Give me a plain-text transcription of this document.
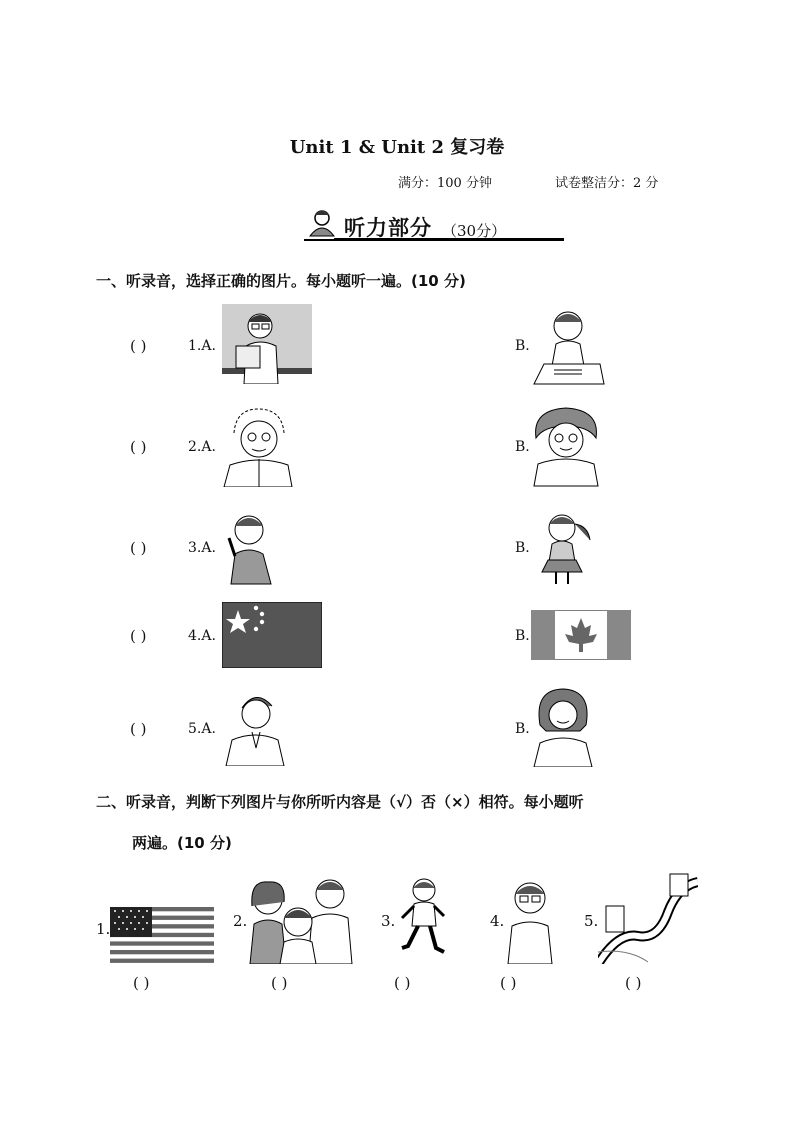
Unit 1 & Unit 2 复习卷
满分：100 分钟	试卷整洁分：2 分
听力部分 （30分）
一、听录音，选择正确的图片。每小题听一遍。(10 分)
( )	1.A.	B.
( )	2.A.	B.
( )	3.A.	B.
( )	4.A.	B.
( )	5.A.	B.
二、听录音，判断下列图片与你所听内容是（√）否（×）相符。每小题听
两遍。(10 分)
1.
( )
2.
( )
3.
( )
4.
( )
5.
( )
